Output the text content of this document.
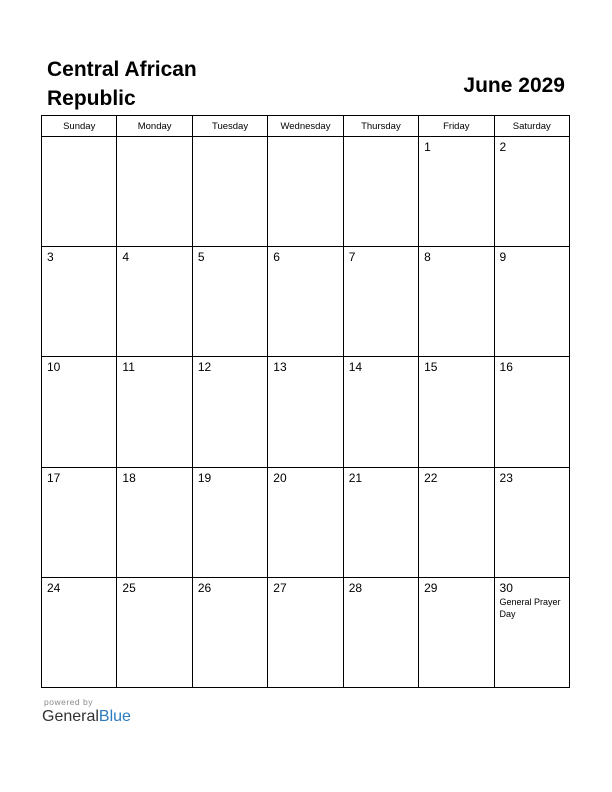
Central African Republic
June 2029
Sunday	Monday	Tuesday	Wednesday	Thursday	Friday	Saturday

					1	2

3	4	5	6	7	8	9

10	11	12	13	14	15	16

17	18	19	20	21	22	23

24	25	26	27	28	29	30
General Prayer Day
powered by
GeneralBlue
